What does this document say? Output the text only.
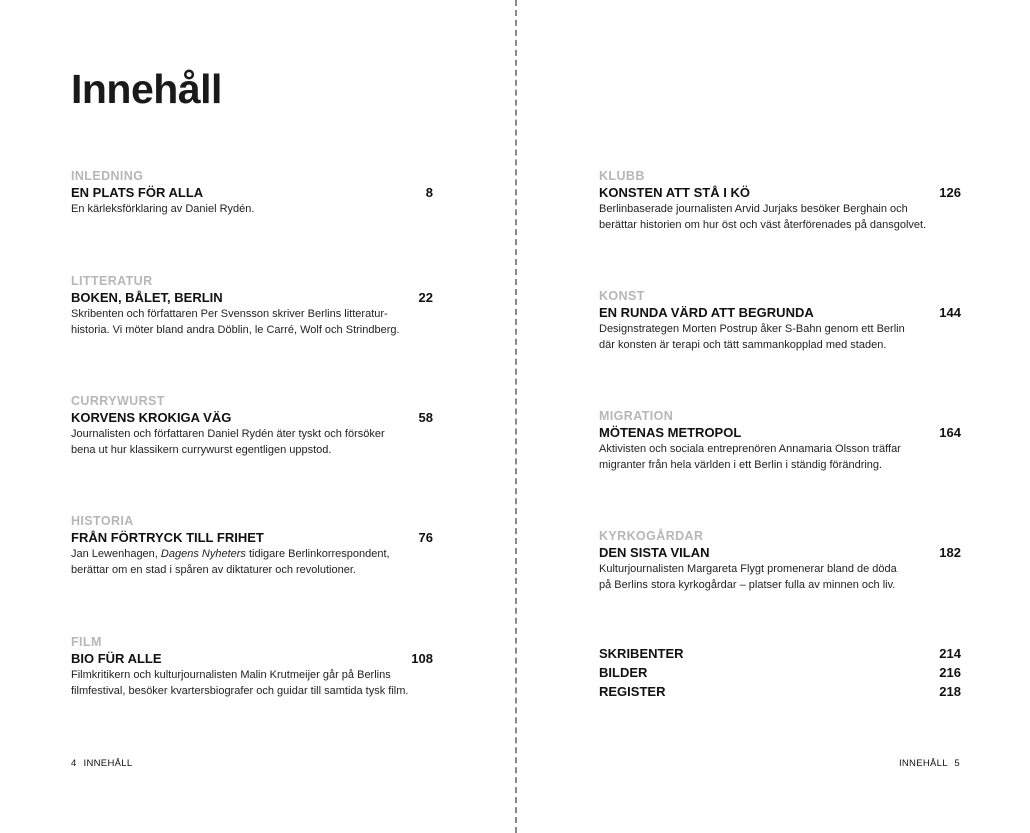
Innehåll
INLEDNING
EN PLATS FÖR ALLA	8
En kärleksförklaring av Daniel Rydén.
LITTERATUR
BOKEN, BÅLET, BERLIN	22
Skribenten och författaren Per Svensson skriver Berlins litteratur-
historia. Vi möter bland andra Döblin, le Carré, Wolf och Strindberg.
CURRYWURST
KORVENS KROKIGA VÄG	58
Journalisten och författaren Daniel Rydén äter tyskt och försöker
bena ut hur klassikern currywurst egentligen uppstod.
HISTORIA
FRÅN FÖRTRYCK TILL FRIHET	76
Jan Lewenhagen, Dagens Nyheters tidigare Berlinkorrespondent,
berättar om en stad i spåren av diktaturer och revolutioner.
FILM
BIO FÜR ALLE	108
Filmkritikern och kulturjournalisten Malin Krutmeijer går på Berlins
filmfestival, besöker kvartersbiografer och guidar till samtida tysk film.
4 INNEHÅLL
KLUBB
KONSTEN ATT STÅ I KÖ	126
Berlinbaserade journalisten Arvid Jurjaks besöker Berghain och
berättar historien om hur öst och väst återförenades på dansgolvet.
KONST
EN RUNDA VÄRD ATT BEGRUNDA	144
Designstrategen Morten Postrup åker S-Bahn genom ett Berlin
där konsten är terapi och tätt sammankopplad med staden.
MIGRATION
MÖTENAS METROPOL	164
Aktivisten och sociala entreprenören Annamaria Olsson träffar
migranter från hela världen i ett Berlin i ständig förändring.
KYRKOGÅRDAR
DEN SISTA VILAN	182
Kulturjournalisten Margareta Flygt promenerar bland de döda
på Berlins stora kyrkogårdar – platser fulla av minnen och liv.
SKRIBENTER	214
BILDER	216
REGISTER	218
INNEHÅLL 5
